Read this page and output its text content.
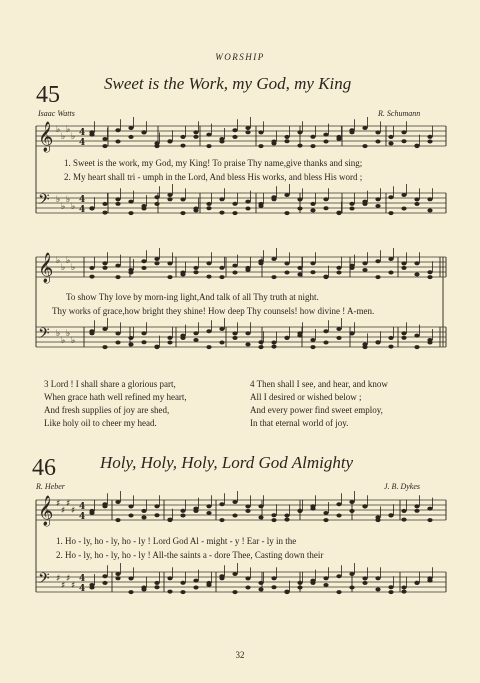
WORSHIP
45	Sweet is the Work, my God, my King
Isaac Watts	R. Schumann
𝄞 ♭
♭
♭
♭ 4
4
𝄢 ♭
♭
♭
♭
4
4
𝄞 ♭
♭
♭
♭
𝄢 ♭
♭
♭
♭
𝄞 ♯
♯
♯
♯ 4
4
𝄢 ♯
♯
♯
♯
4
4
1. Sweet is the work, my God, my King! To praise Thy name,give thanks and sing;
2. My heart shall tri - umph in the Lord, And bless His works, and bless His word ;
To show Thy love by morn-ing light,And talk of all Thy truth at night.
Thy works of grace,how bright they shine! How deep Thy counsels! how divine ! A-men.
3 Lord ! I shall share a glorious part,
When grace hath well refined my heart,
And fresh supplies of joy are shed,
Like holy oil to cheer my head.
4 Then shall I see, and hear, and know
All I desired or wished below ;
And every power find sweet employ,
In that eternal world of joy.
46	Holy, Holy, Holy, Lord God Almighty
R. Heber	J. B. Dykes
1. Ho - ly, ho - ly, ho - ly ! Lord God Al - might - y ! Ear - ly in the
2. Ho - ly, ho - ly, ho - ly ! All-the saints a - dore Thee, Casting down their
32
